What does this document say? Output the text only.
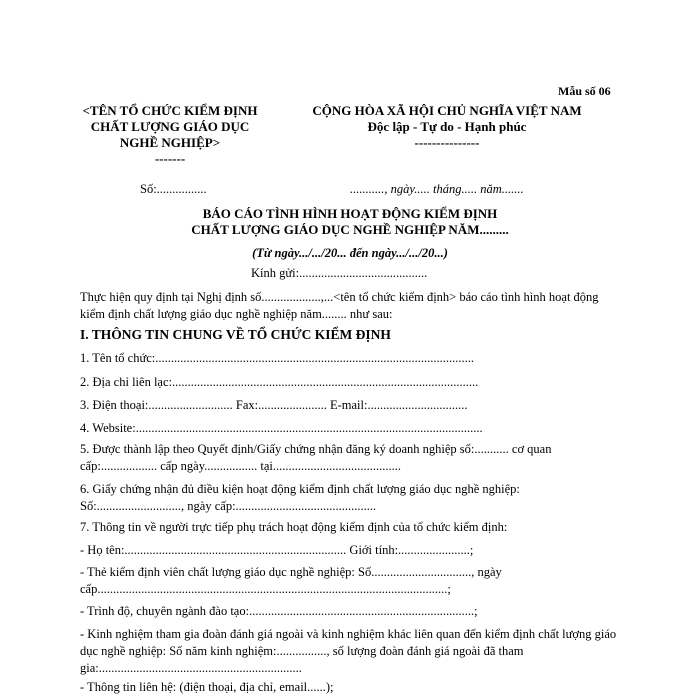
Mẫu số 06
<TÊN TỔ CHỨC KIỂM ĐỊNH
CHẤT LƯỢNG GIÁO DỤC
NGHỀ NGHIỆP>
-------
CỘNG HÒA XÃ HỘI CHỦ NGHĨA VIỆT NAM
Độc lập - Tự do - Hạnh phúc
---------------
Số:................	..........., ngày..... tháng..... năm.......
BÁO CÁO TÌNH HÌNH HOẠT ĐỘNG KIỂM ĐỊNH
CHẤT LƯỢNG GIÁO DỤC NGHỀ NGHIỆP NĂM.........
(Từ ngày.../.../20... đến ngày.../.../20...)
Kính gửi:.........................................
Thực hiện quy định tại Nghị định số...................,...<tên tổ chức kiểm định> báo cáo tình hình hoạt động kiểm định chất lượng giáo dục nghề nghiệp năm........ như sau:
I. THÔNG TIN CHUNG VỀ TỔ CHỨC KIỂM ĐỊNH
1. Tên tổ chức:......................................................................................................
2. Địa chỉ liên lạc:..................................................................................................
3. Điện thoại:........................... Fax:...................... E-mail:................................
4. Website:...............................................................................................................
5. Được thành lập theo Quyết định/Giấy chứng nhận đăng ký doanh nghiệp số:........... cơ quan cấp:.................. cấp ngày................. tại.........................................
6. Giấy chứng nhận đủ điều kiện hoạt động kiểm định chất lượng giáo dục nghề nghiệp: Số:..........................., ngày cấp:.............................................
7. Thông tin về người trực tiếp phụ trách hoạt động kiểm định của tổ chức kiểm định:
- Họ tên:....................................................................... Giới tính:.......................;
- Thẻ kiểm định viên chất lượng giáo dục nghề nghiệp: Số................................, ngày cấp................................................................................................................;
- Trình độ, chuyên ngành đào tạo:........................................................................;
- Kinh nghiệm tham gia đoàn đánh giá ngoài và kinh nghiệm khác liên quan đến kiểm định chất lượng giáo dục nghề nghiệp: Số năm kinh nghiệm:................, số lượng đoàn đánh giá ngoài đã tham gia:.................................................................
- Thông tin liên hệ: (điện thoại, địa chỉ, email......);
